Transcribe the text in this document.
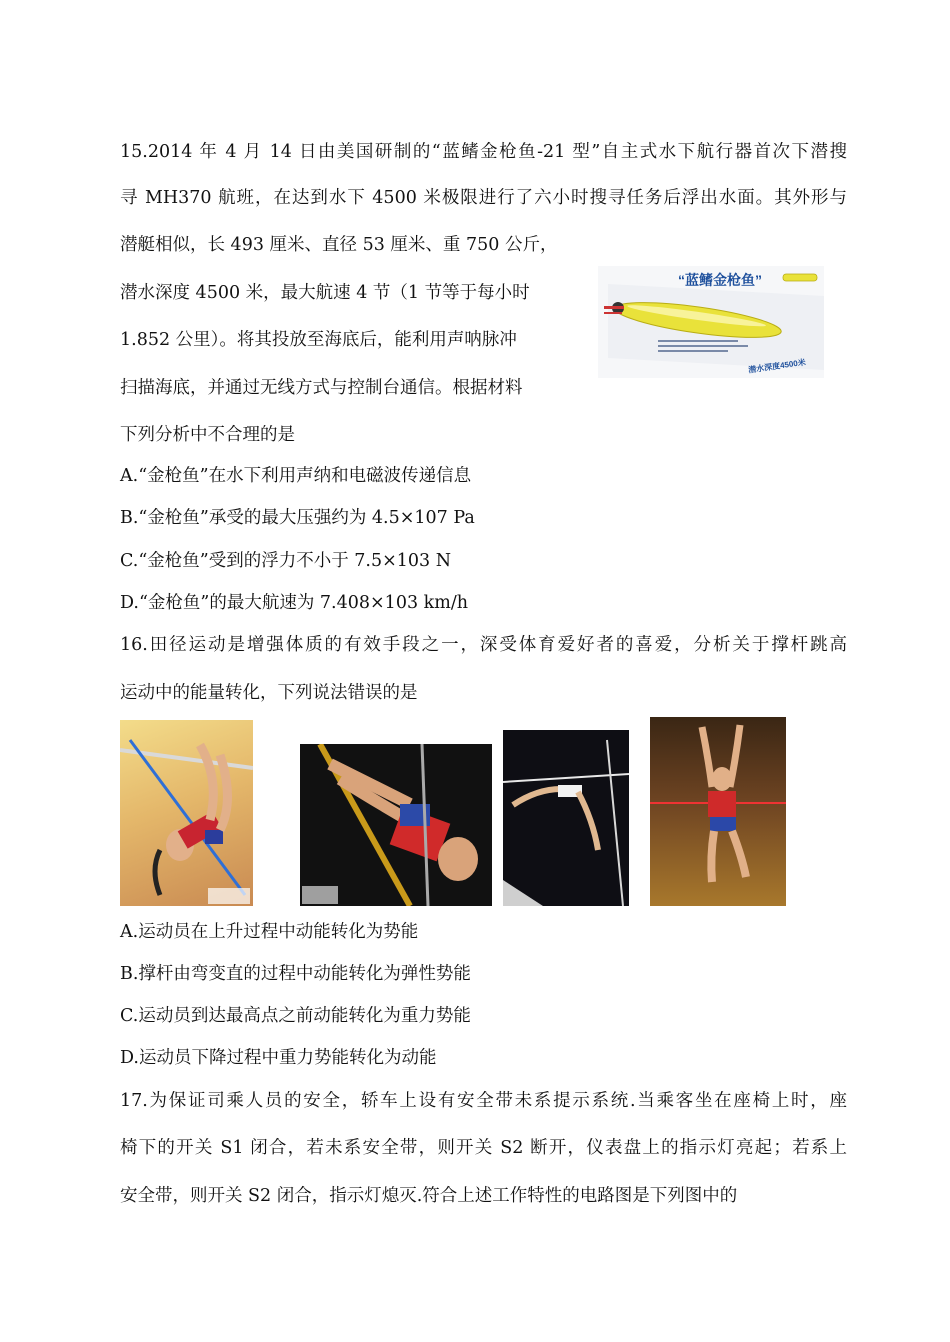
15.2014 年 4 月 14 日由美国研制的“蓝鳍金枪鱼-21 型”自主式水下航行器首次下潜搜
寻 MH370 航班，在达到水下 4500 米极限进行了六小时搜寻任务后浮出水面。其外形与
潜艇相似，长 493 厘米、直径 53 厘米、重 750 公斤，
潜水深度 4500 米，最大航速 4 节（1 节等于每小时
1.852 公里）。将其投放至海底后，能利用声呐脉冲
扫描海底，并通过无线方式与控制台通信。根据材料
下列分析中不合理的是
“蓝鳍金枪鱼”
潜水深度4500米
A.“金枪鱼”在水下利用声纳和电磁波传递信息
B.“金枪鱼”承受的最大压强约为 4.5×107 Pa
C.“金枪鱼”受到的浮力不小于 7.5×103 N
D.“金枪鱼”的最大航速为 7.408×103 km/h
16.田径运动是增强体质的有效手段之一，深受体育爱好者的喜爱，分析关于撑杆跳高
运动中的能量转化，下列说法错误的是
A.运动员在上升过程中动能转化为势能
B.撑杆由弯变直的过程中动能转化为弹性势能
C.运动员到达最高点之前动能转化为重力势能
D.运动员下降过程中重力势能转化为动能
17.为保证司乘人员的安全，轿车上设有安全带未系提示系统.当乘客坐在座椅上时，座
椅下的开关 S1 闭合，若未系安全带，则开关 S2 断开，仪表盘上的指示灯亮起；若系上
安全带，则开关 S2 闭合，指示灯熄灭.符合上述工作特性的电路图是下列图中的
